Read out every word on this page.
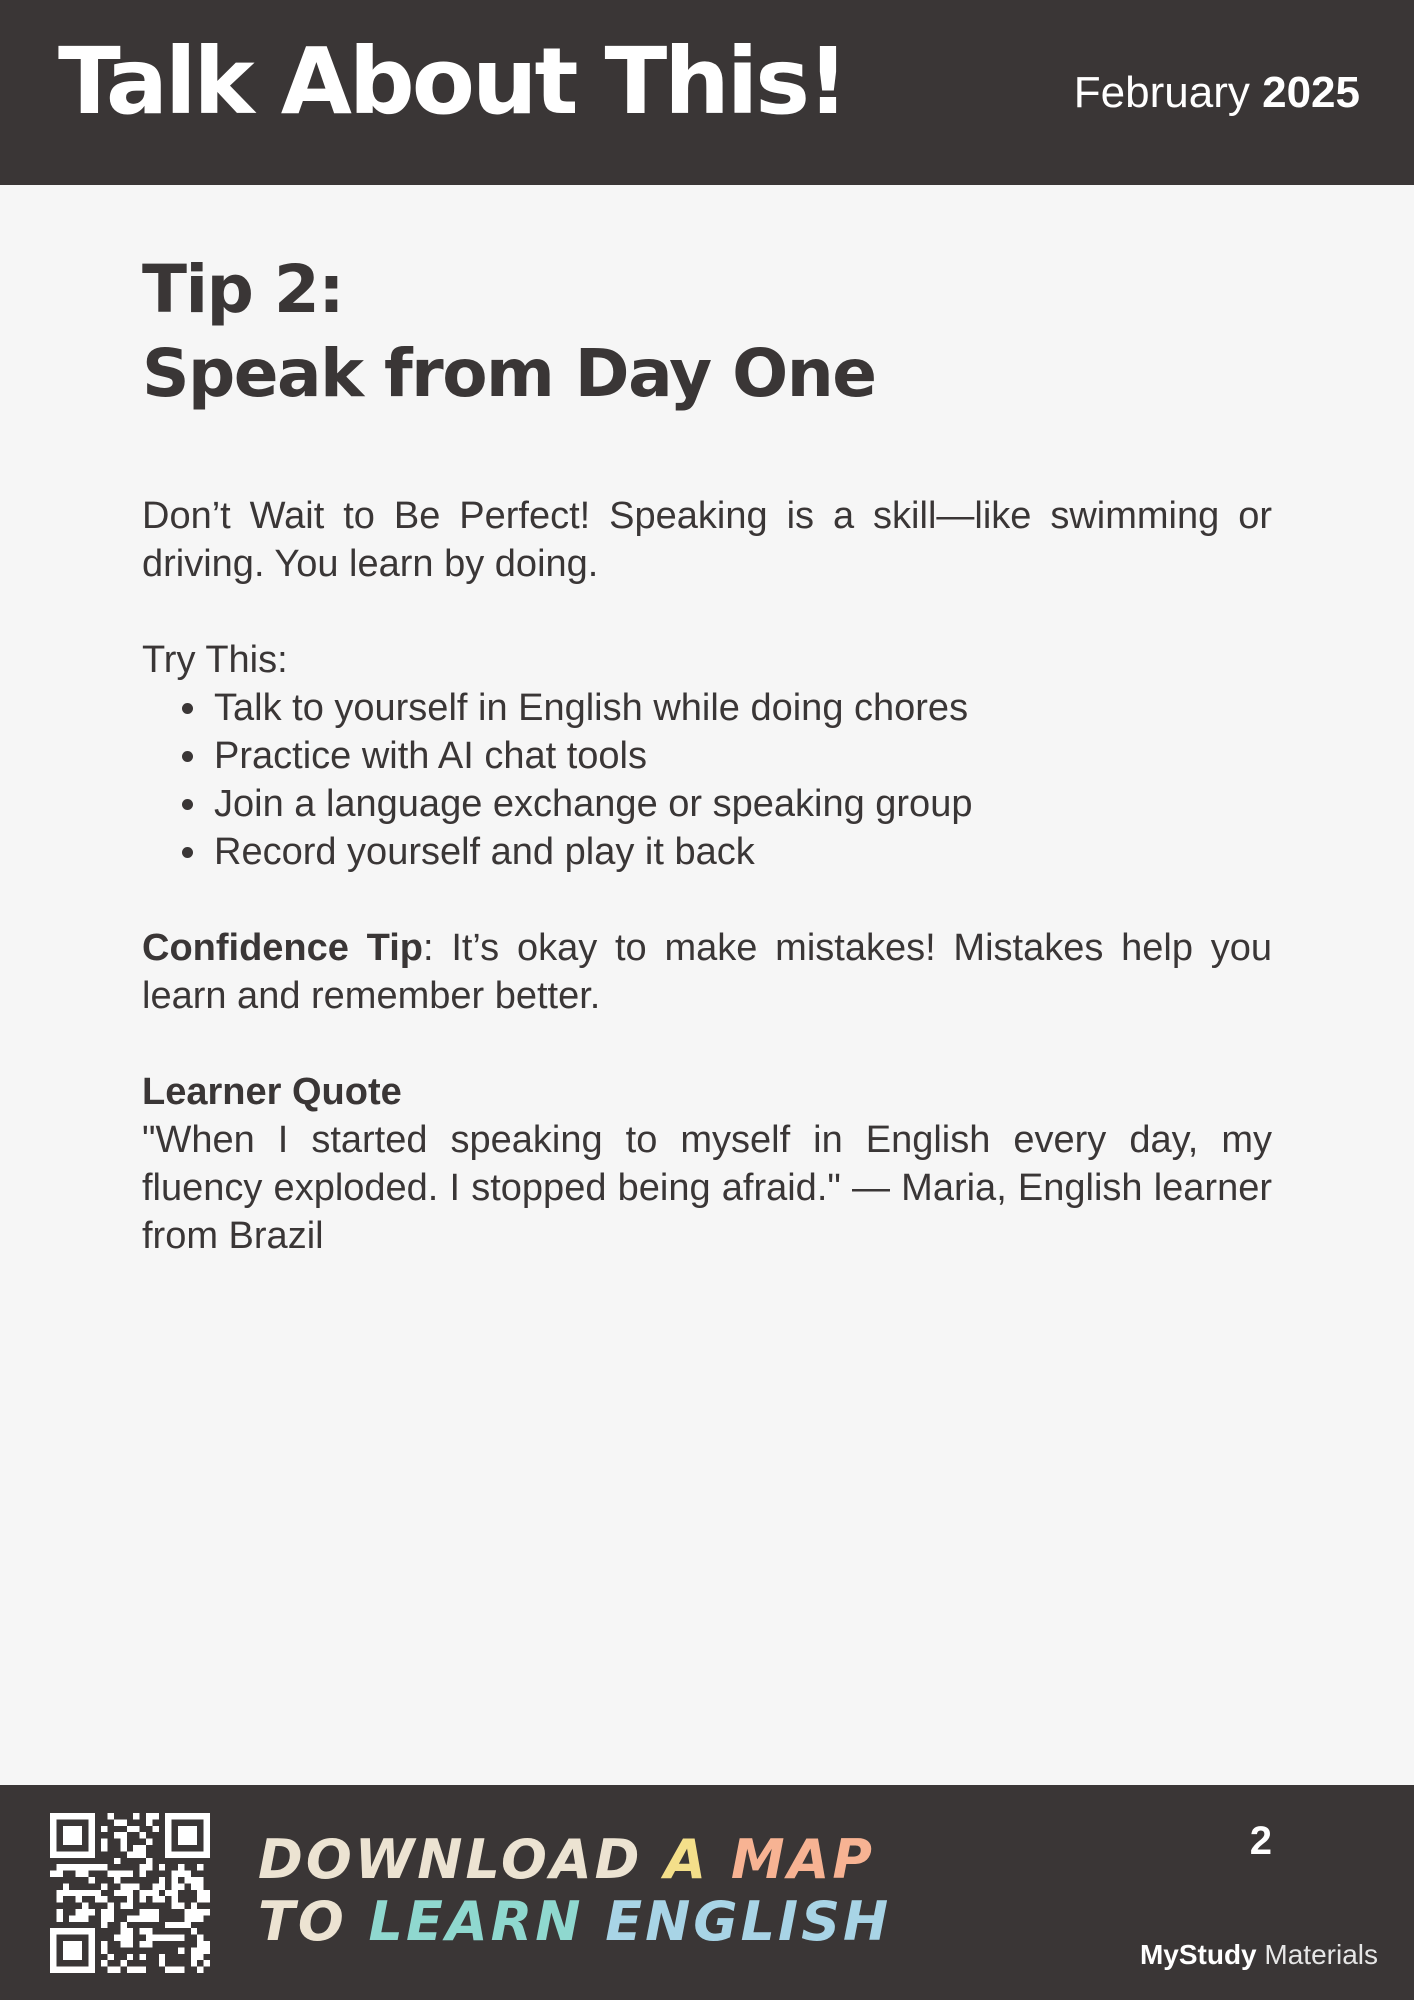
Talk About This!	February 2025
Tip 2:
Speak from Day One

Don’t Wait to Be Perfect! Speaking is a skill—like swimming or driving. You learn by doing.

Try This:

Talk to yourself in English while doing chores
Practice with AI chat tools
Join a language exchange or speaking group
Record yourself and play it back

Confidence Tip: It’s okay to make mistakes! Mistakes help you learn and remember better.

Learner Quote

"When I started speaking to myself in English every day, my fluency exploded. I stopped being afraid." — Maria, English learner from Brazil

DOWNLOAD A MAP
TO LEARN ENGLISH
2
MyStudy Materials
